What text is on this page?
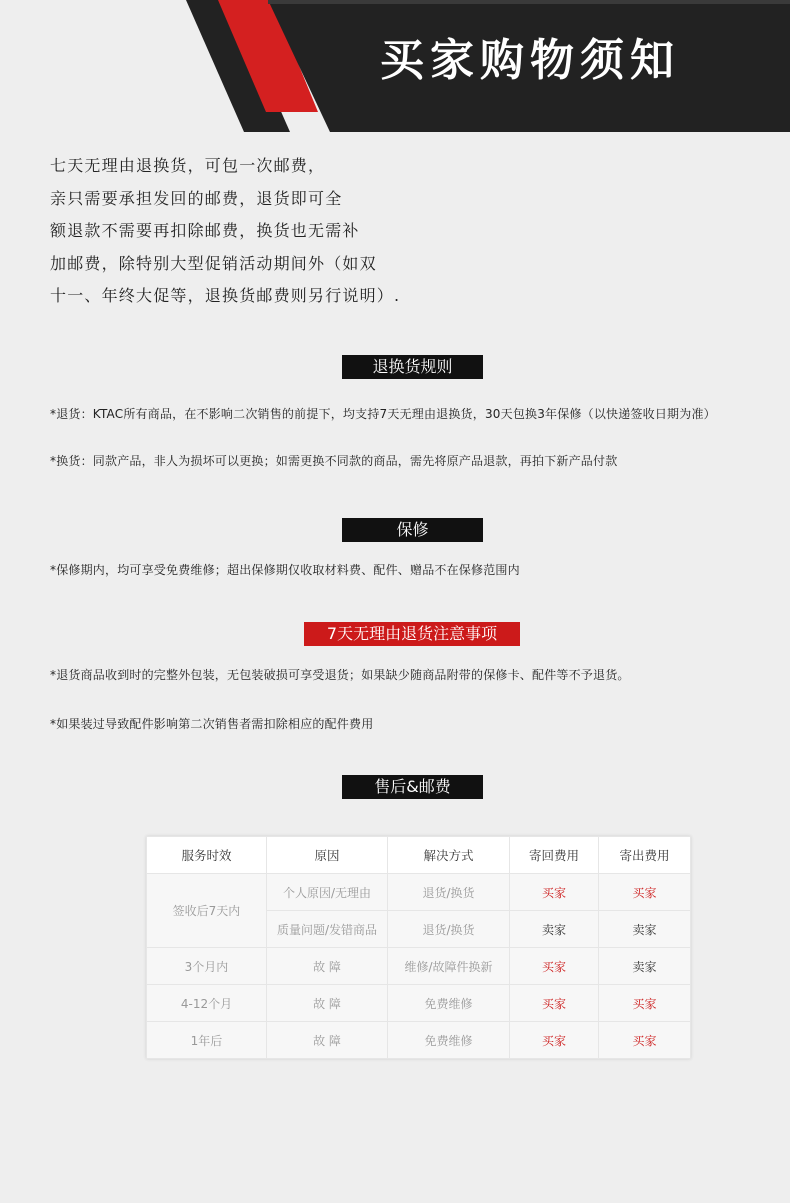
买家购物须知
七天无理由退换货，可包一次邮费，
亲只需要承担发回的邮费，退货即可全
额退款不需要再扣除邮费，换货也无需补
加邮费，除特别大型促销活动期间外（如双
十一、年终大促等，退换货邮费则另行说明）.
退换货规则
*退货：KTAC所有商品，在不影响二次销售的前提下，均支持7天无理由退换货，30天包换3年保修（以快递签收日期为准）
*换货：同款产品，非人为损坏可以更换；如需更换不同款的商品，需先将原产品退款，再拍下新产品付款
保修
*保修期内，均可享受免费维修；超出保修期仅收取材料费、配件、赠品不在保修范围内
7天无理由退货注意事项
*退货商品收到时的完整外包装，无包装破损可享受退货；如果缺少随商品附带的保修卡、配件等不予退货。
*如果装过导致配件影响第二次销售者需扣除相应的配件费用
售后&邮费
服务时效	原因	解决方式	寄回费用	寄出费用
签收后7天内	个人原因/无理由	退货/换货	买家	买家
	质量问题/发错商品	退货/换货	卖家	卖家
3个月内	故 障	维修/故障件换新	买家	卖家
4-12个月	故 障	免费维修	买家	买家
1年后	故 障	免费维修	买家	买家
